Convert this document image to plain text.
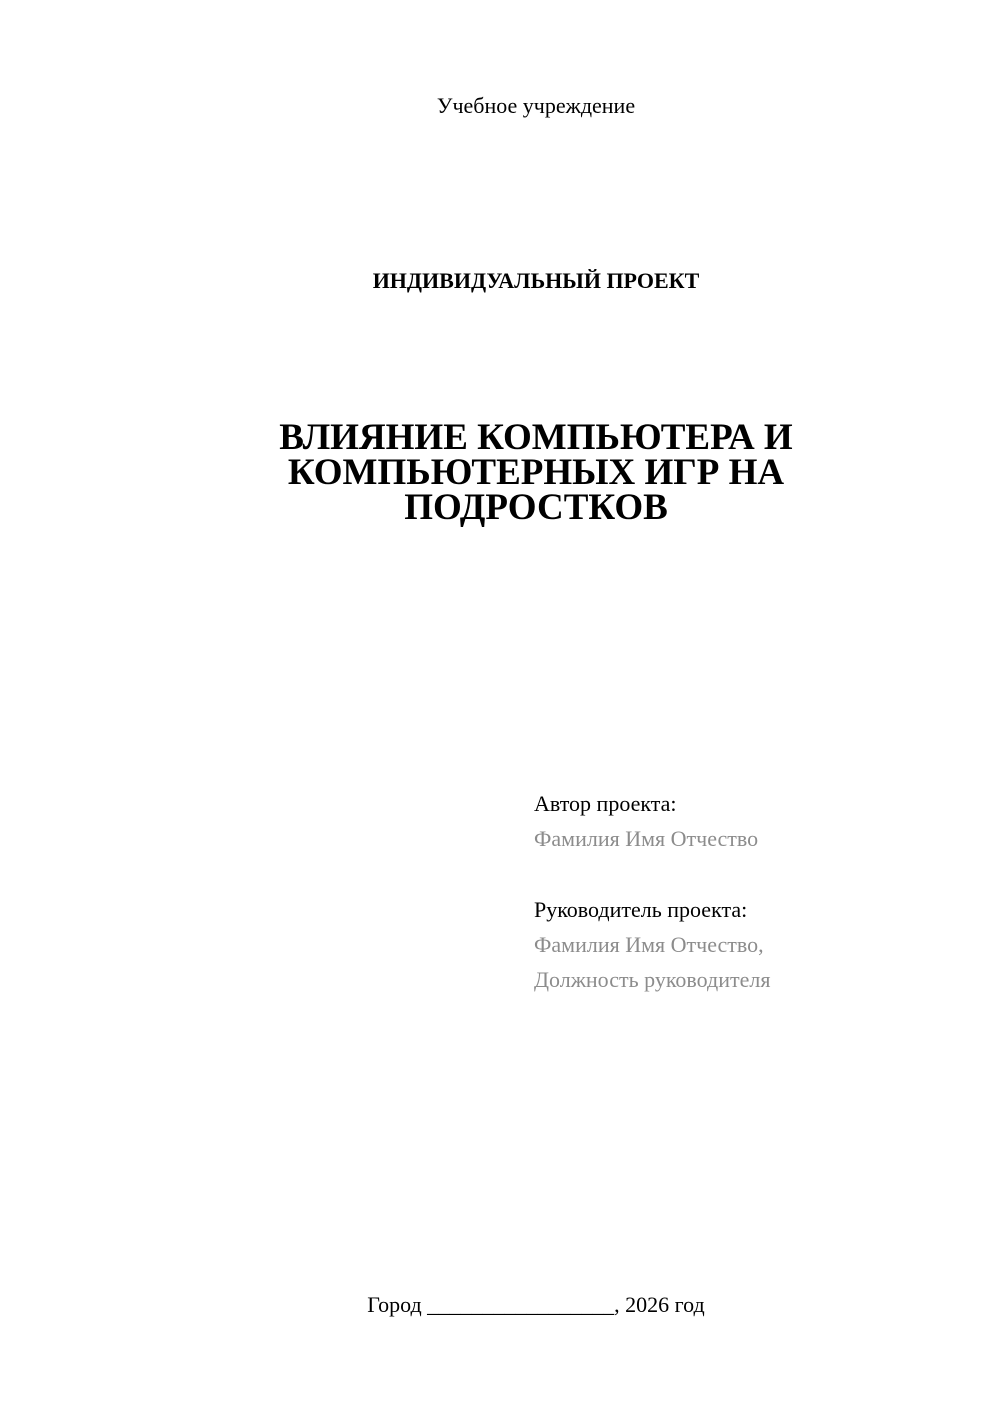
Учебное учреждение
ИНДИВИДУАЛЬНЫЙ ПРОЕКТ
ВЛИЯНИЕ КОМПЬЮТЕРА И
КОМПЬЮТЕРНЫХ ИГР НА
ПОДРОСТКОВ
Автор проекта:
Фамилия Имя Отчество
Руководитель проекта:
Фамилия Имя Отчество,
Должность руководителя
Город _________________, 2026 год
